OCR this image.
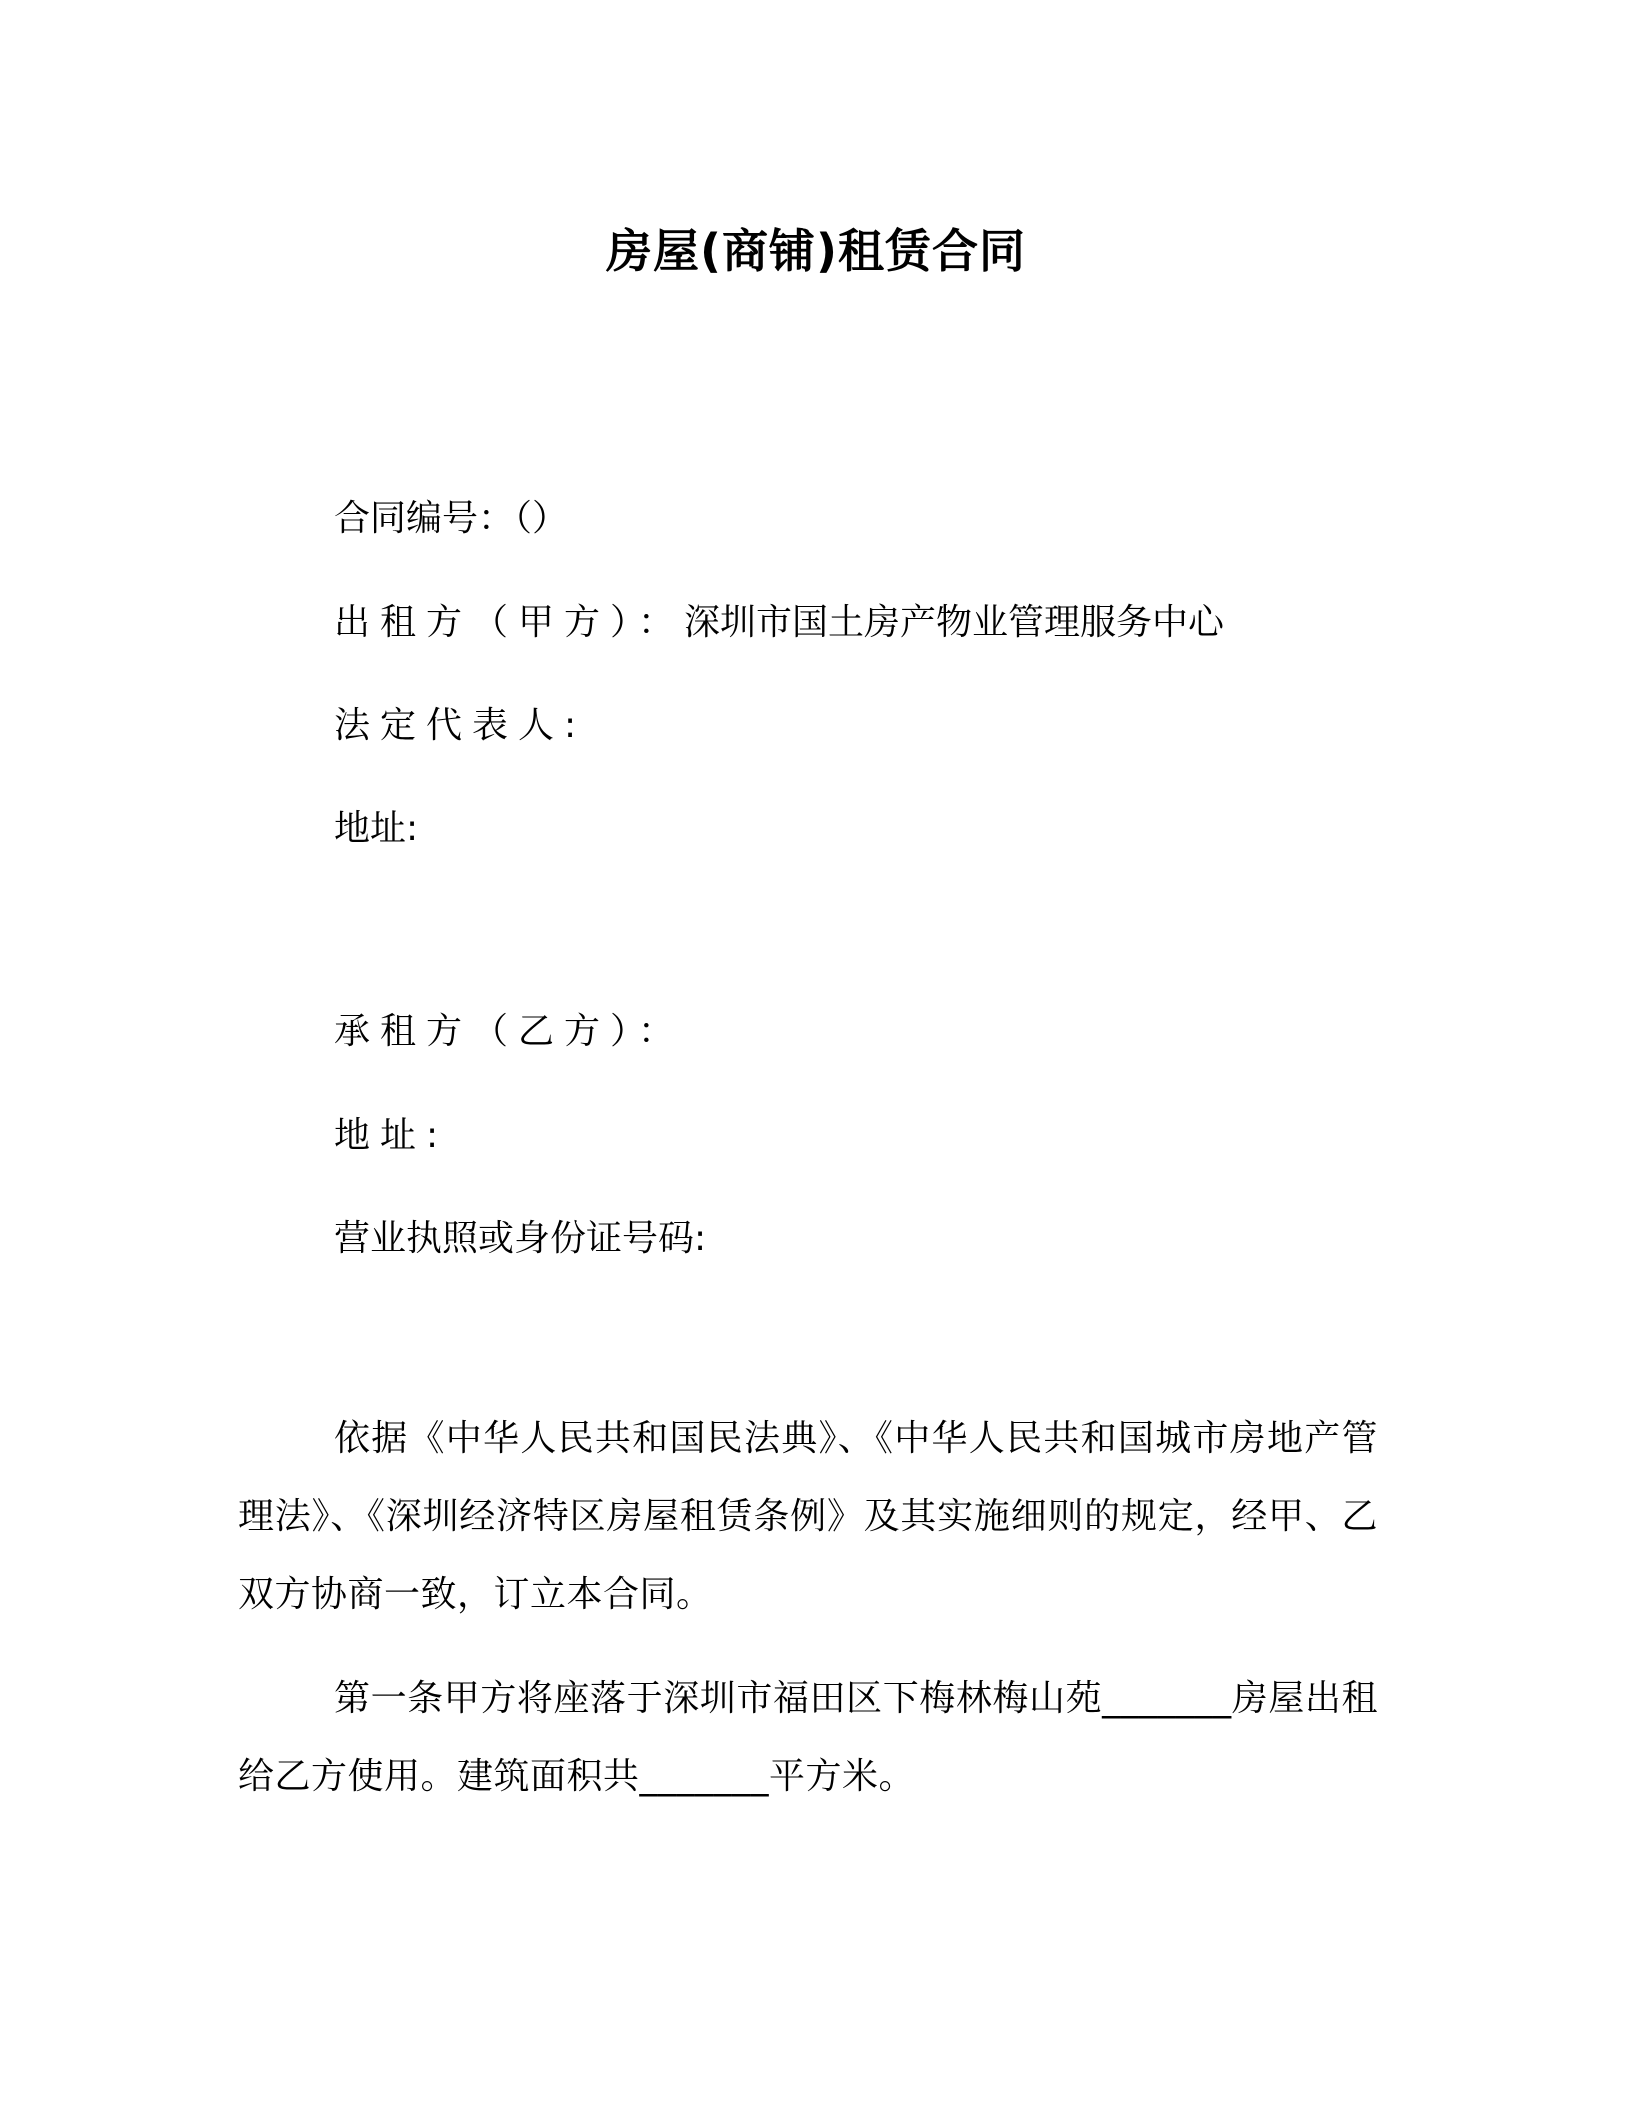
房屋(商铺)租赁合同
合同编号：（）
出租方（甲方）：深圳市国土房产物业管理服务中心
法定代表人:
地址:
承租方（乙方）：
地址:
营业执照或身份证号码:

依据《中华人民共和国民法典》、《中华人民共和国城市房地产管理法》、《深圳经济特区房屋租赁条例》及其实施细则的规定，经甲、乙双方协商一致，订立本合同。

第一条甲方将座落于深圳市福田区下梅林梅山苑_______房屋出租给乙方使用。建筑面积共_______平方米。
